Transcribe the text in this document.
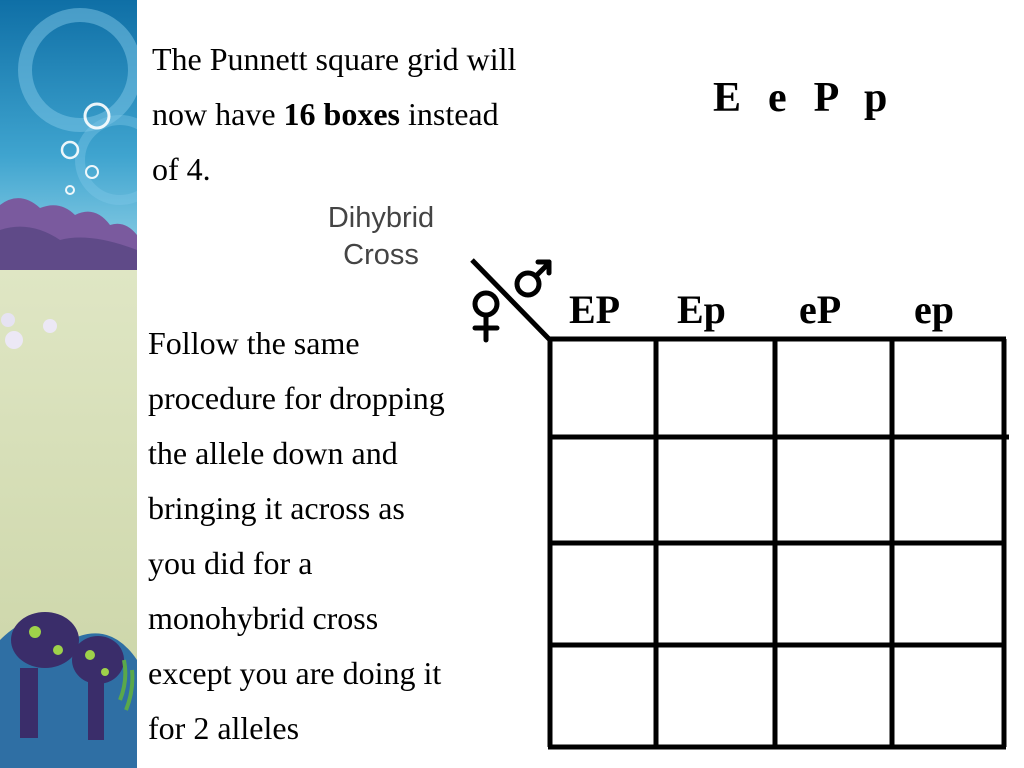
The Punnett square grid will
now have 16 boxes instead
of 4.
E  e  P  p
Dihybrid
Cross
Follow the same
procedure for dropping
the allele down and
bringing it across as
you did for a
monohybrid cross
except you are doing it
for 2 alleles
EP Ep eP ep
